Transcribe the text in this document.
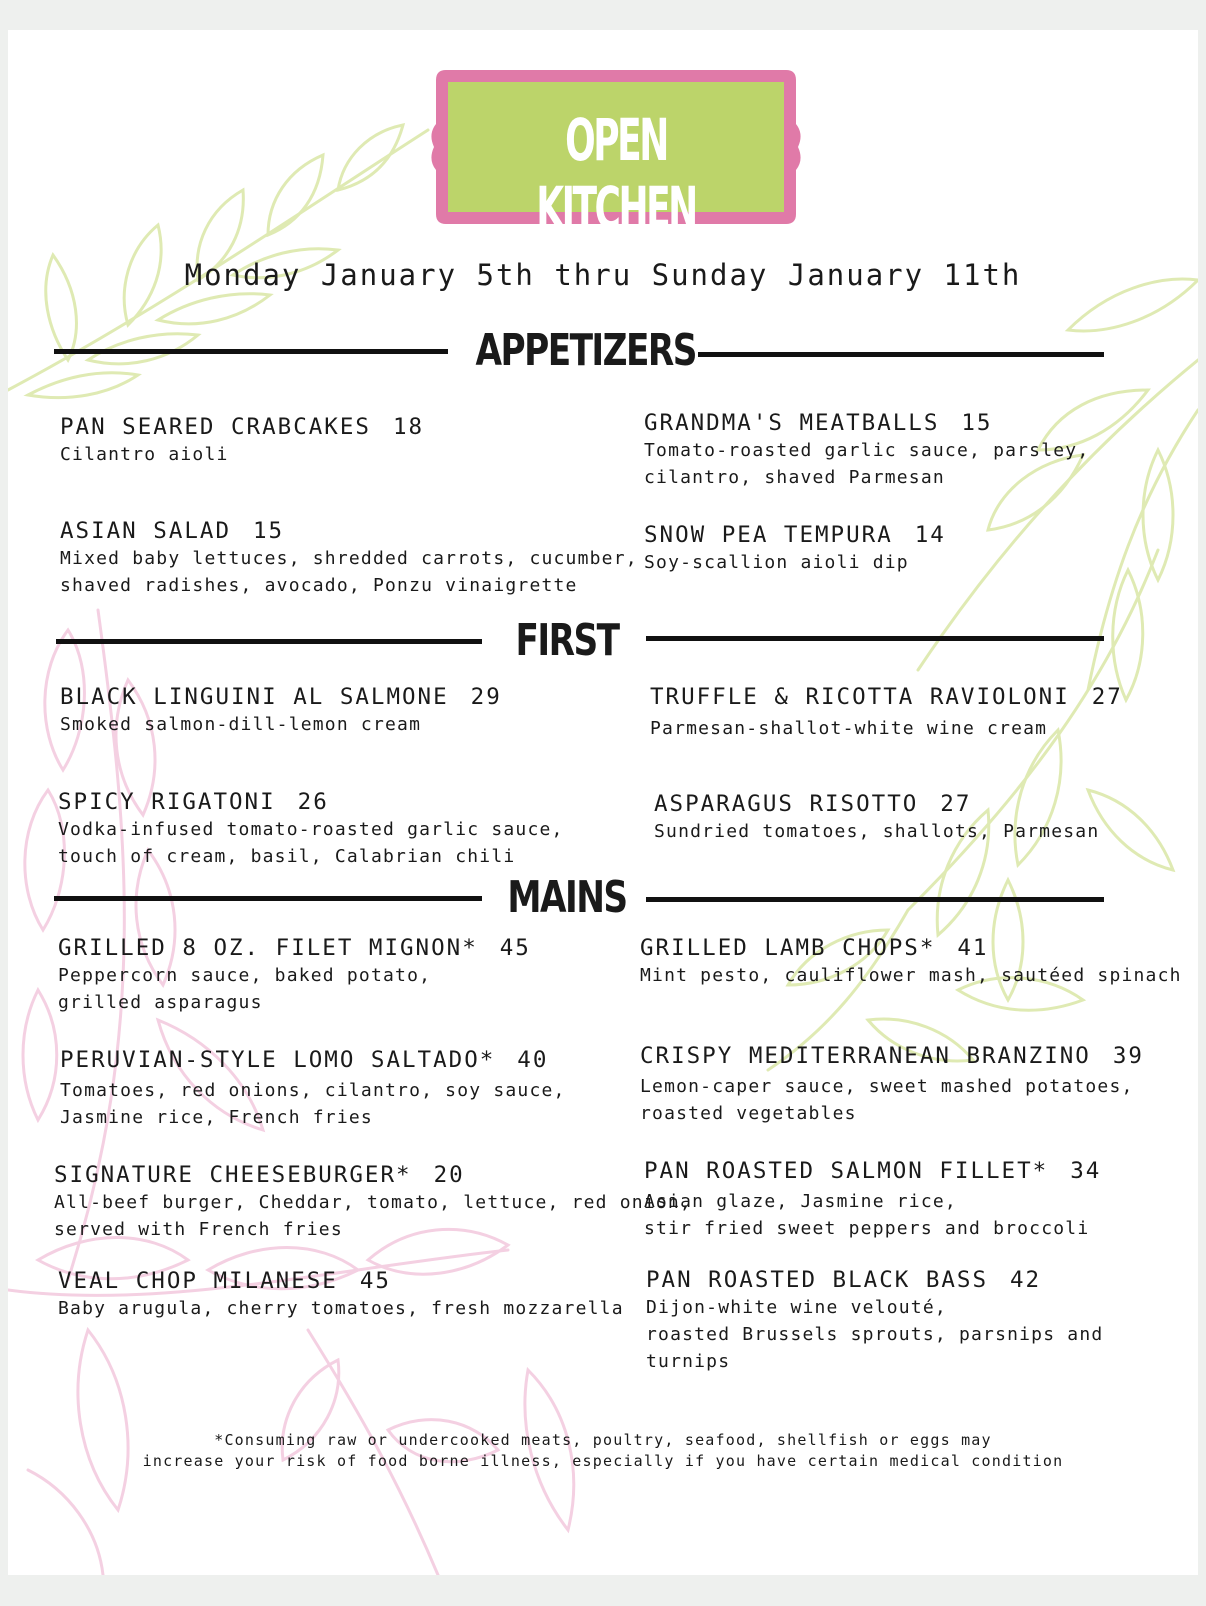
OPEN KITCHEN
Monday January 5th thru Sunday January 11th
APPETIZERS
PAN SEARED CRABCAKES 18
Cilantro aioli
GRANDMA'S MEATBALLS 15
Tomato-roasted garlic sauce, parsley,
cilantro, shaved Parmesan
ASIAN SALAD 15
Mixed baby lettuces, shredded carrots, cucumber,
shaved radishes, avocado, Ponzu vinaigrette
SNOW PEA TEMPURA 14
Soy-scallion aioli dip
FIRST
BLACK LINGUINI AL SALMONE 29
Smoked salmon-dill-lemon cream
TRUFFLE & RICOTTA RAVIOLONI 27
Parmesan-shallot-white wine cream
SPICY RIGATONI 26
Vodka-infused tomato-roasted garlic sauce,
touch of cream, basil, Calabrian chili
ASPARAGUS RISOTTO 27
Sundried tomatoes, shallots, Parmesan
MAINS
GRILLED 8 OZ. FILET MIGNON* 45
Peppercorn sauce, baked potato,
grilled asparagus
GRILLED LAMB CHOPS* 41
Mint pesto, cauliflower mash, sautéed spinach
PERUVIAN-STYLE LOMO SALTADO* 40
Tomatoes, red onions, cilantro, soy sauce,
Jasmine rice, French fries
CRISPY MEDITERRANEAN BRANZINO 39
Lemon-caper sauce, sweet mashed potatoes,
roasted vegetables
SIGNATURE CHEESEBURGER* 20
All-beef burger, Cheddar, tomato, lettuce, red onion,
served with French fries
PAN ROASTED SALMON FILLET* 34
Asian glaze, Jasmine rice,
stir fried sweet peppers and broccoli
VEAL CHOP MILANESE 45
Baby arugula, cherry tomatoes, fresh mozzarella
PAN ROASTED BLACK BASS 42
Dijon-white wine velouté,
roasted Brussels sprouts, parsnips and turnips
*Consuming raw or undercooked meats, poultry, seafood, shellfish or eggs may
increase your risk of food borne illness, especially if you have certain medical condition
